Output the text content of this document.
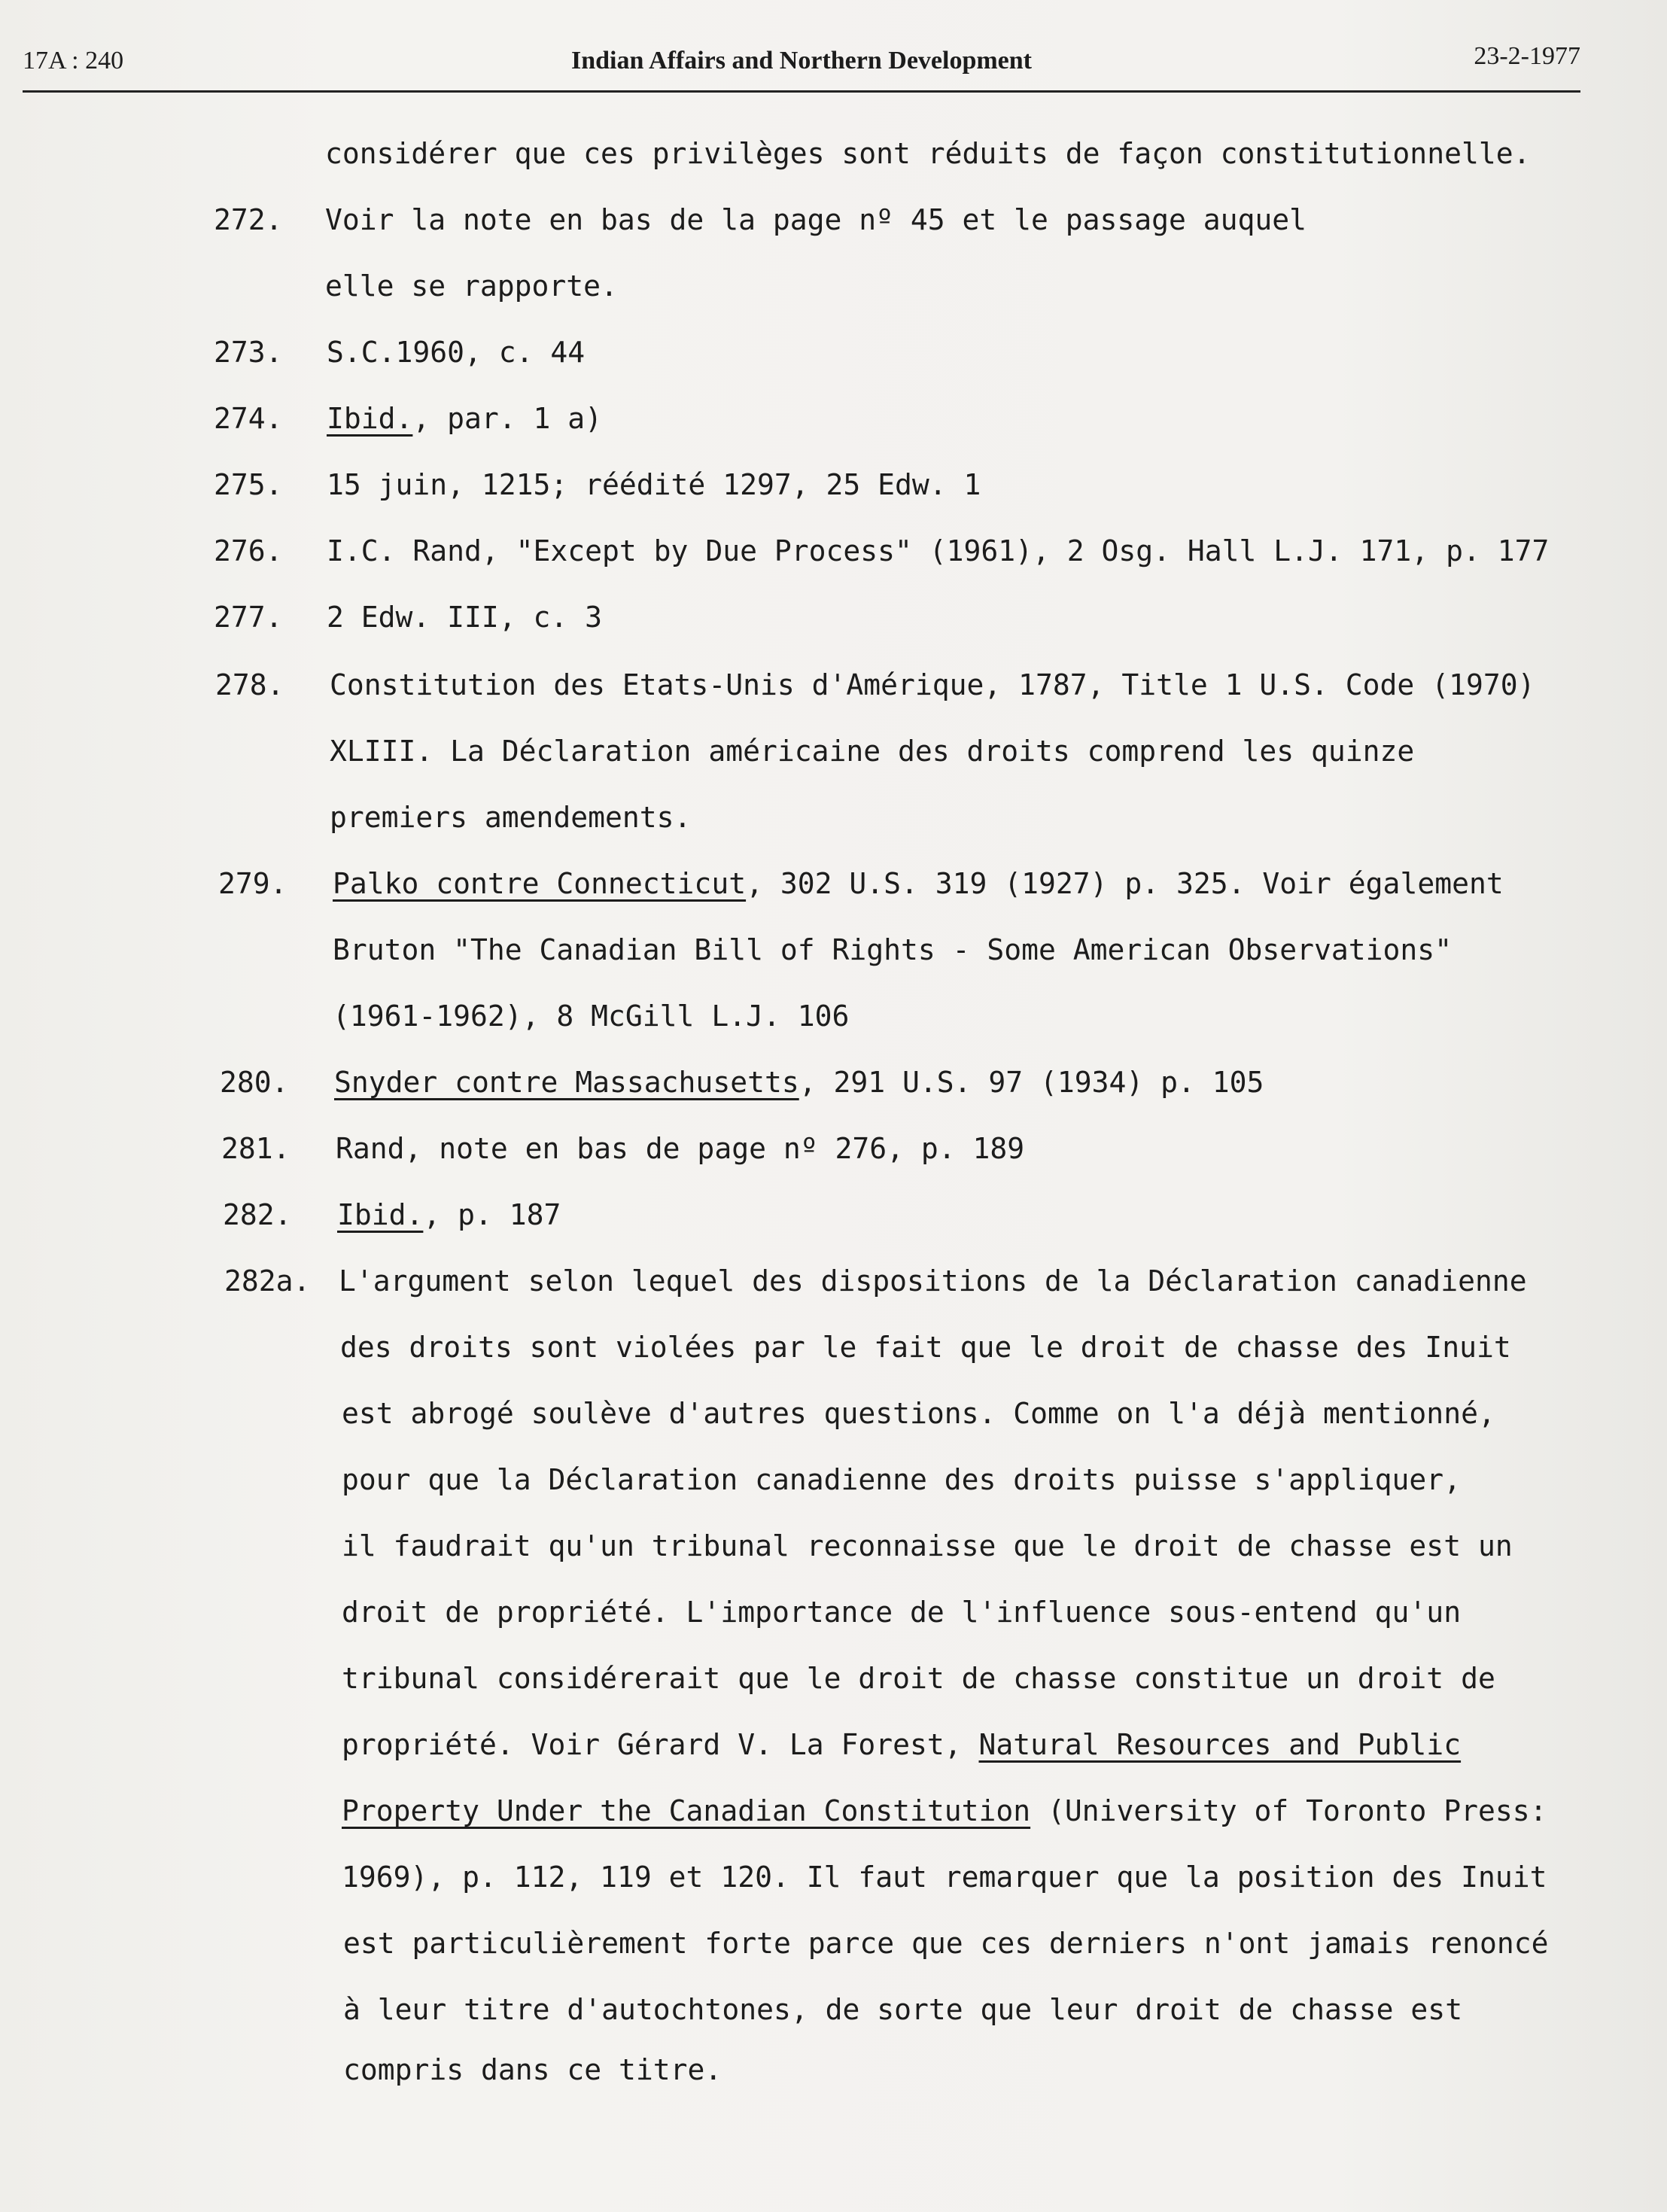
17A : 240	Indian Affairs and Northern Development	23-2-1977
considérer que ces privilèges sont réduits de façon constitutionnelle.
272. Voir la note en bas de la page nº 45 et le passage auquel
elle se rapporte.
273. S.C.1960, c. 44
274. Ibid., par. 1 a)
275. 15 juin, 1215; réédité 1297, 25 Edw. 1
276. I.C. Rand, "Except by Due Process" (1961), 2 Osg. Hall L.J. 171, p. 177
277. 2 Edw. III, c. 3
278. Constitution des Etats-Unis d'Amérique, 1787, Title 1 U.S. Code (1970)
XLIII. La Déclaration américaine des droits comprend les quinze
premiers amendements.
279. Palko contre Connecticut, 302 U.S. 319 (1927) p. 325. Voir également
Bruton "The Canadian Bill of Rights - Some American Observations"
(1961-1962), 8 McGill L.J. 106
280. Snyder contre Massachusetts, 291 U.S. 97 (1934) p. 105
281. Rand, note en bas de page nº 276, p. 189
282. Ibid., p. 187
282a. L'argument selon lequel des dispositions de la Déclaration canadienne
des droits sont violées par le fait que le droit de chasse des Inuit
est abrogé soulève d'autres questions. Comme on l'a déjà mentionné,
pour que la Déclaration canadienne des droits puisse s'appliquer,
il faudrait qu'un tribunal reconnaisse que le droit de chasse est un
droit de propriété. L'importance de l'influence sous-entend qu'un
tribunal considérerait que le droit de chasse constitue un droit de
propriété. Voir Gérard V. La Forest, Natural Resources and Public
Property Under the Canadian Constitution (University of Toronto Press:
1969), p. 112, 119 et 120. Il faut remarquer que la position des Inuit
est particulièrement forte parce que ces derniers n'ont jamais renoncé
à leur titre d'autochtones, de sorte que leur droit de chasse est
compris dans ce titre.
